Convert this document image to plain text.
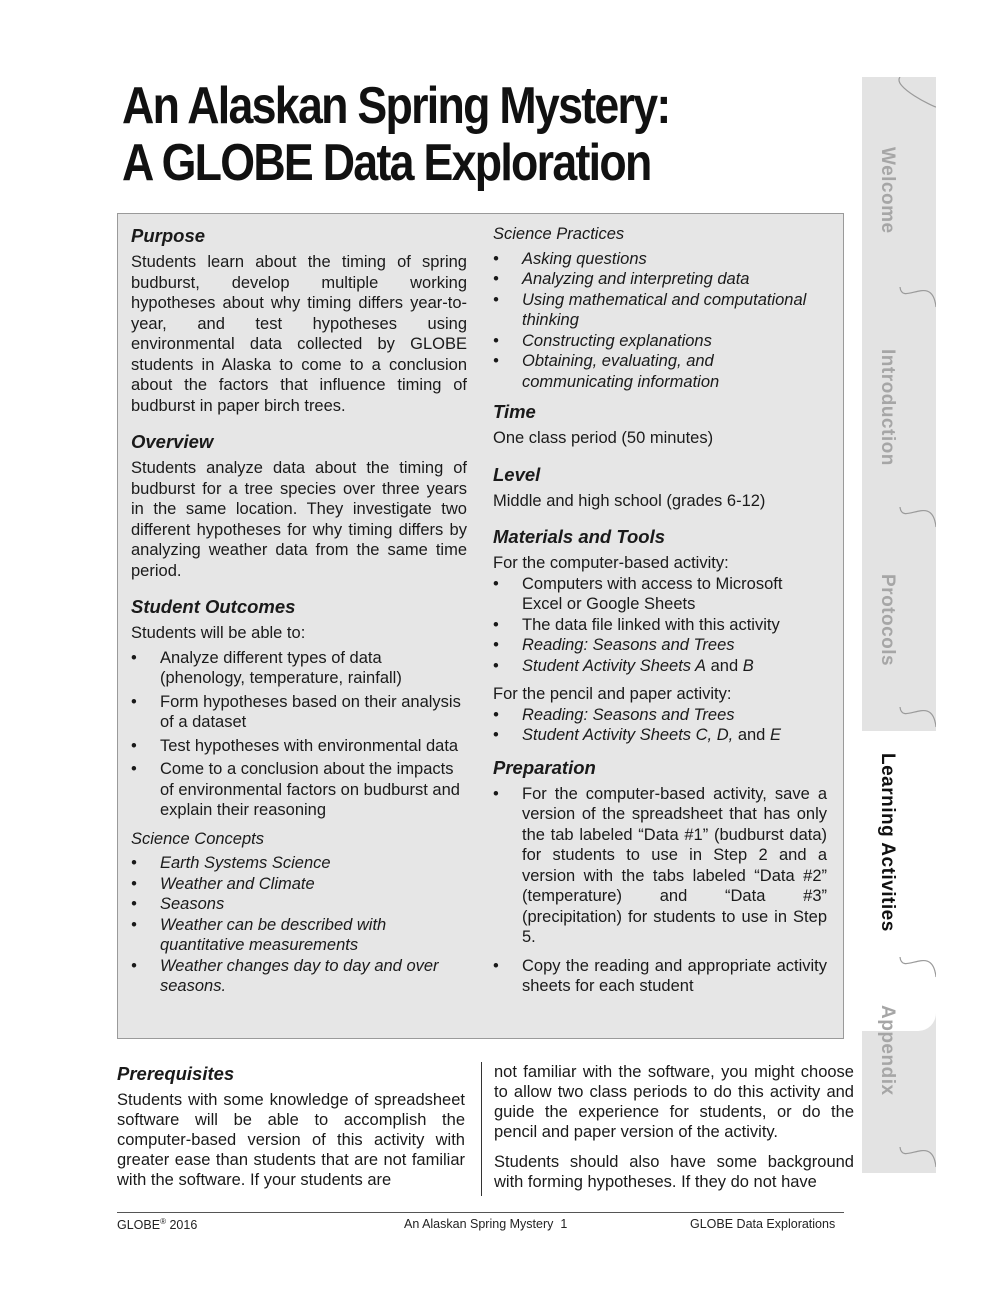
An Alaskan Spring Mystery:
A GLOBE Data Exploration
Purpose

Students learn about the timing of spring budburst, develop multiple working hypotheses about why timing differs year-to-year, and test hypotheses using environmental data collected by GLOBE students in Alaska to come to a conclusion about the factors that influence timing of budburst in paper birch trees.

Overview

Students analyze data about the timing of budburst for a tree species over three years in the same location. They investigate two different hypotheses for why timing differs by analyzing weather data from the same time period.

Student Outcomes
Students will be able to:
• Analyze different types of data (phenology, temperature, rainfall)
• Form hypotheses based on their analysis of a dataset
• Test hypotheses with environmental data
• Come to a conclusion about the impacts of environmental factors on budburst and explain their reasoning
Science Concepts
• Earth Systems Science
• Weather and Climate
• Seasons
• Weather can be described with quantitative measurements
• Weather changes day to day and over seasons.
Science Practices
• Asking questions
• Analyzing and interpreting data
• Using mathematical and computational thinking
• Constructing explanations
• Obtaining, evaluating, and communicating information
Time
One class period (50 minutes)
Level
Middle and high school (grades 6-12)
Materials and Tools
For the computer-based activity:
• Computers with access to Microsoft Excel or Google Sheets
• The data file linked with this activity
• Reading: Seasons and Trees
• Student Activity Sheets A and B
For the pencil and paper activity:
• Reading: Seasons and Trees
• Student Activity Sheets C, D, and E
Preparation
• For the computer-based activity, save a version of the spreadsheet that has only the tab labeled “Data #1” (budburst data) for students to use in Step 2 and a version with the tabs labeled “Data #2” (temperature) and “Data #3” (precipitation) for students to use in Step 5.
• Copy the reading and appropriate activity sheets for each student
Prerequisites

Students with some knowledge of spreadsheet software will be able to accomplish the computer-based version of this activity with greater ease than students that are not familiar with the software. If your students are

not familiar with the software, you might choose to allow two class periods to do this activity and guide the experience for students, or do the pencil and paper version of the activity.

Students should also have some background with forming hypotheses. If they do not have

GLOBE® 2016	An Alaskan Spring Mystery 1	GLOBE Data Explorations
Welcome
Introduction
Protocols
Learning Activities
Appendix
